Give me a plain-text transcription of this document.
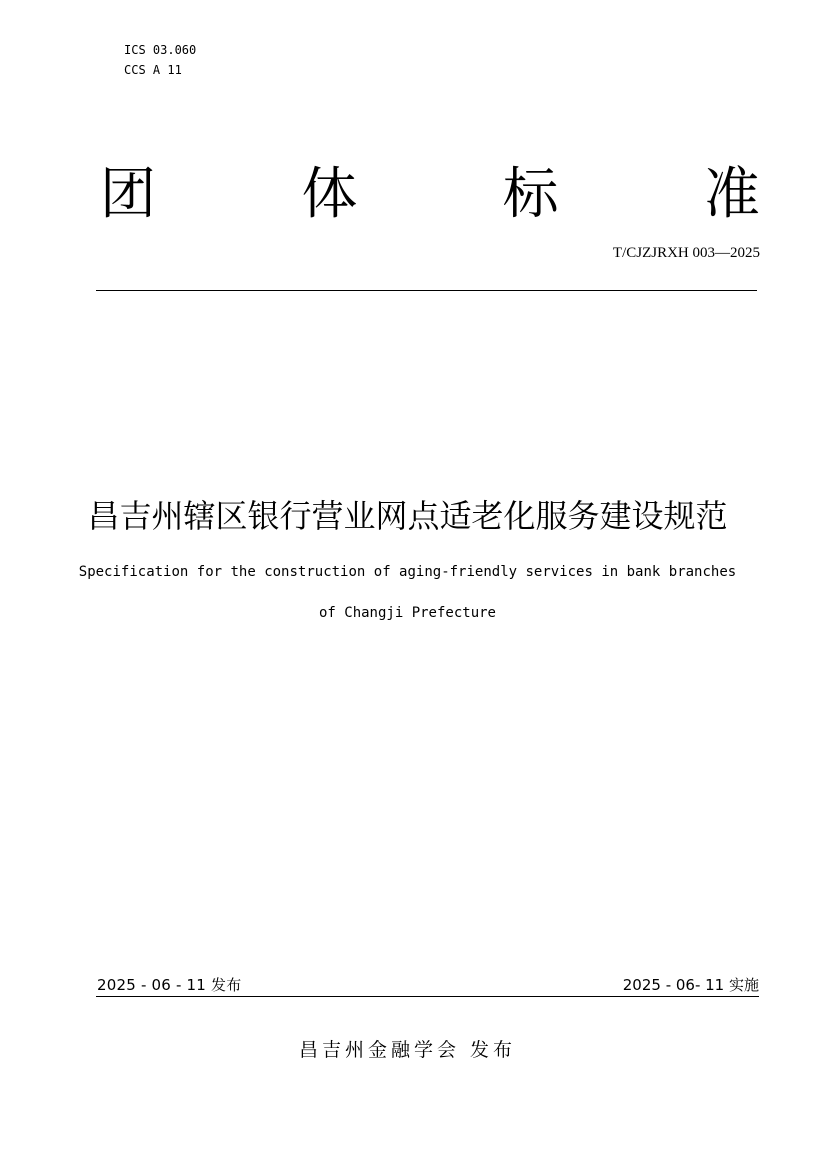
ICS 03.060
CCS A 11
团	体	标	准
T/CJZJRXH 003—2025
昌吉州辖区银行营业网点适老化服务建设规范
Specification for the construction of aging-friendly services in bank branches
of Changji Prefecture
2025 - 06 - 11 发布	2025 - 06- 11 实施
昌吉州金融学会 发布
